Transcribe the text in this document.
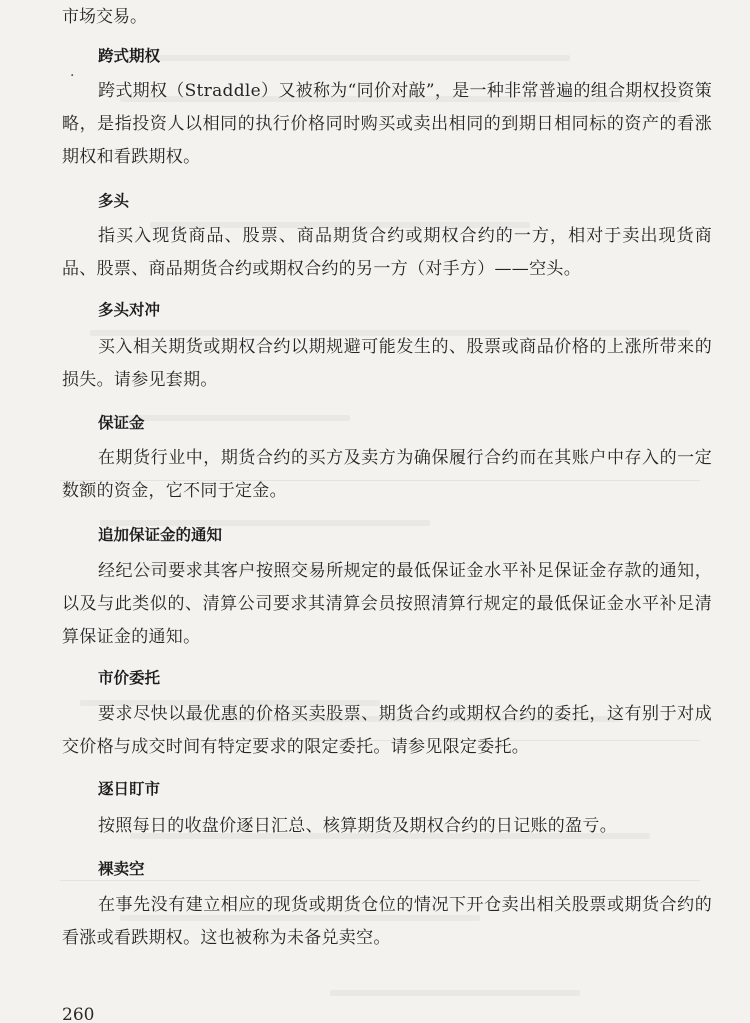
·

市场交易。

跨式期权

跨式期权（Straddle）又被称为“同价对敲”，是一种非常普遍的组合期权投资策略，是指投资人以相同的执行价格同时购买或卖出相同的到期日相同标的资产的看涨期权和看跌期权。

多头

指买入现货商品、股票、商品期货合约或期权合约的一方，相对于卖出现货商品、股票、商品期货合约或期权合约的另一方（对手方）——空头。

多头对冲

买入相关期货或期权合约以期规避可能发生的、股票或商品价格的上涨所带来的损失。请参见套期。

保证金

在期货行业中，期货合约的买方及卖方为确保履行合约而在其账户中存入的一定数额的资金，它不同于定金。

追加保证金的通知

经纪公司要求其客户按照交易所规定的最低保证金水平补足保证金存款的通知，以及与此类似的、清算公司要求其清算会员按照清算行规定的最低保证金水平补足清算保证金的通知。

市价委托

要求尽快以最优惠的价格买卖股票、期货合约或期权合约的委托，这有别于对成交价格与成交时间有特定要求的限定委托。请参见限定委托。

逐日盯市

按照每日的收盘价逐日汇总、核算期货及期权合约的日记账的盈亏。

裸卖空

在事先没有建立相应的现货或期货仓位的情况下开仓卖出相关股票或期货合约的看涨或看跌期权。这也被称为未备兑卖空。

260
